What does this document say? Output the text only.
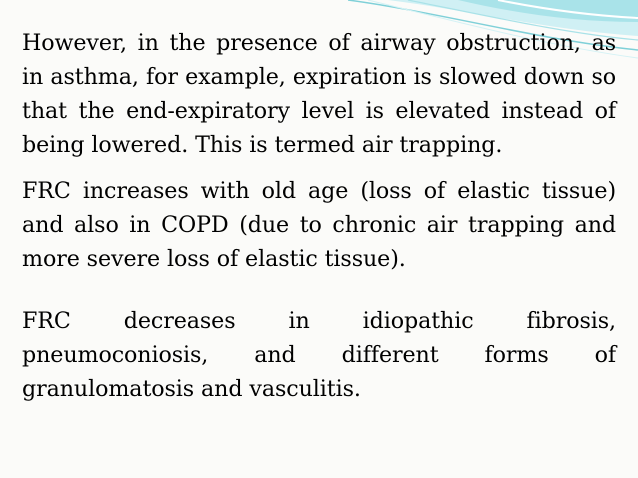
However, in the presence of airway obstruction, as in asthma, for example, expiration is slowed down so that the end-expiratory level is elevated instead of being lowered. This is termed air trapping.

FRC increases with old age (loss of elastic tissue) and also in COPD (due to chronic air trapping and more severe loss of elastic tissue).

FRC decreases in idiopathic fibrosis, pneumoconiosis, and different forms of granulomatosis and vasculitis.
